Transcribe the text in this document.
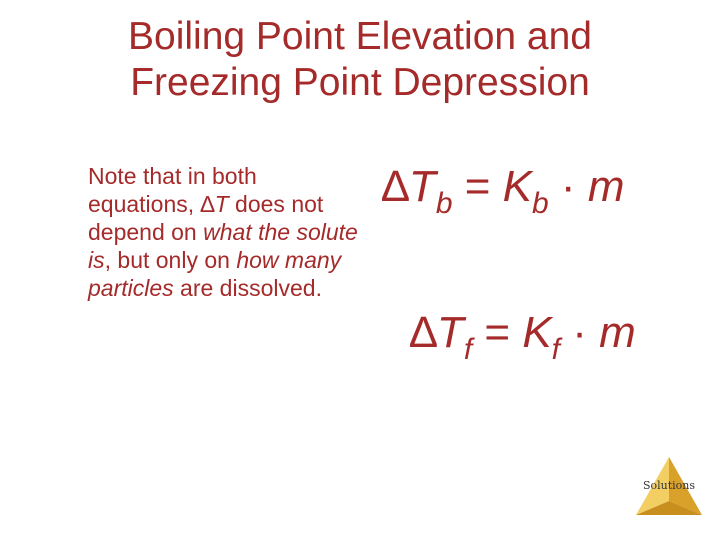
Boiling Point Elevation and
Freezing Point Depression
Note that in both equations, ∆T does not depend on what the solute is, but only on how many particles are dissolved.
$\Delta T_b = K_b \cdot m$
$\Delta T_f = K_f \cdot m$
Solutions
